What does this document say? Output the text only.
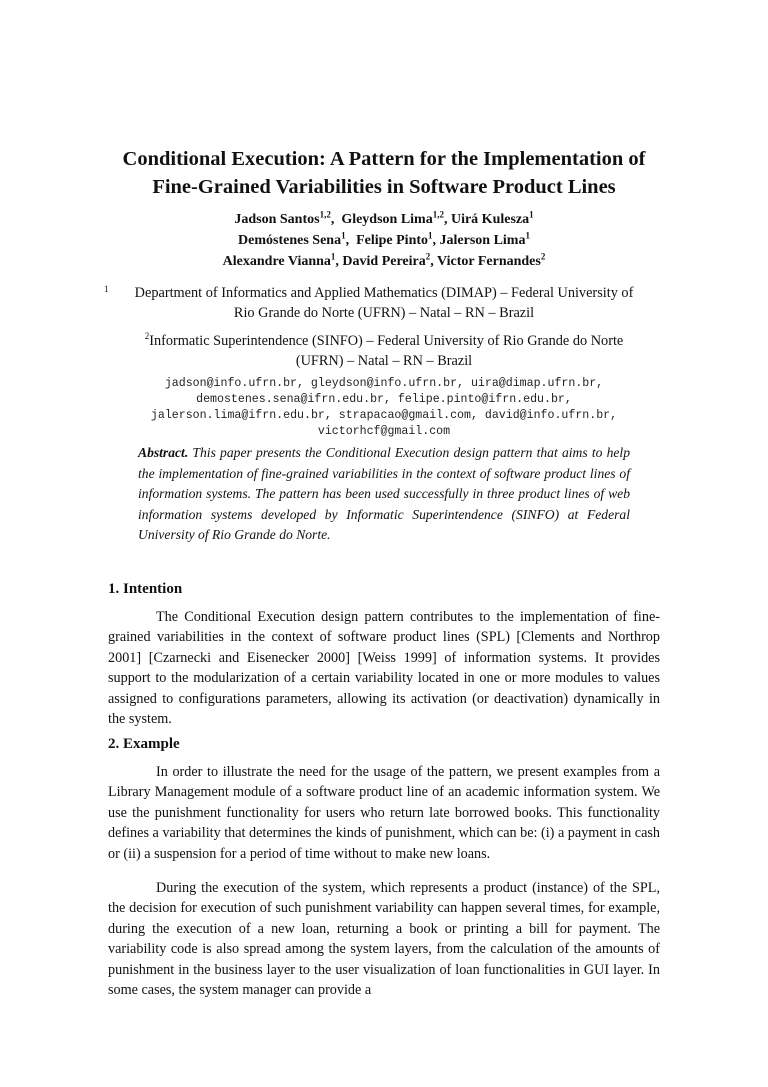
Conditional Execution: A Pattern for the Implementation of
Fine-Grained Variabilities in Software Product Lines
Jadson Santos$^{1,2}$,  Gleydson Lima$^{1,2}$, Uirá Kulesza$^1$
Demóstenes Sena$^1$,  Felipe Pinto$^1$, Jalerson Lima$^1$
Alexandre Vianna$^1$, David Pereira$^2$, Victor Fernandes$^2$
1	Department of Informatics and Applied Mathematics (DIMAP) – Federal University of
Rio Grande do Norte (UFRN) – Natal – RN – Brazil
$^2$Informatic Superintendence (SINFO) – Federal University of Rio Grande do Norte
(UFRN) – Natal – RN – Brazil
jadson@info.ufrn.br, gleydson@info.ufrn.br, uira@dimap.ufrn.br,
demostenes.sena@ifrn.edu.br, felipe.pinto@ifrn.edu.br,
jalerson.lima@ifrn.edu.br, strapacao@gmail.com, david@info.ufrn.br,
victorhcf@gmail.com
Abstract. This paper presents the Conditional Execution design pattern that aims to help the implementation of fine-grained variabilities in the context of software product lines of information systems. The pattern has been used successfully in three product lines of web information systems developed by Informatic Superintendence (SINFO) at Federal University of Rio Grande do Norte.
1. Intention
The Conditional Execution design pattern contributes to the implementation of fine-grained variabilities in the context of software product lines (SPL) [Clements and Northrop 2001] [Czarnecki and Eisenecker 2000] [Weiss 1999] of information systems. It provides support to the modularization of a certain variability located in one or more modules to values assigned to configurations parameters, allowing its activation (or deactivation) dynamically in the system.
2. Example
In order to illustrate the need for the usage of the pattern, we present examples from a Library Management module of a software product line of an academic information system. We use the punishment functionality for users who return late borrowed books. This functionality defines a variability that determines the kinds of punishment, which can be: (i) a payment in cash or (ii) a suspension for a period of time without to make new loans.
During the execution of the system, which represents a product (instance) of the SPL, the decision for execution of such punishment variability can happen several times, for example, during the execution of a new loan, returning a book or printing a bill for payment. The variability code is also spread among the system layers, from the calculation of the amounts of punishment in the business layer to the user visualization of loan functionalities in GUI layer. In some cases, the system manager can provide a
